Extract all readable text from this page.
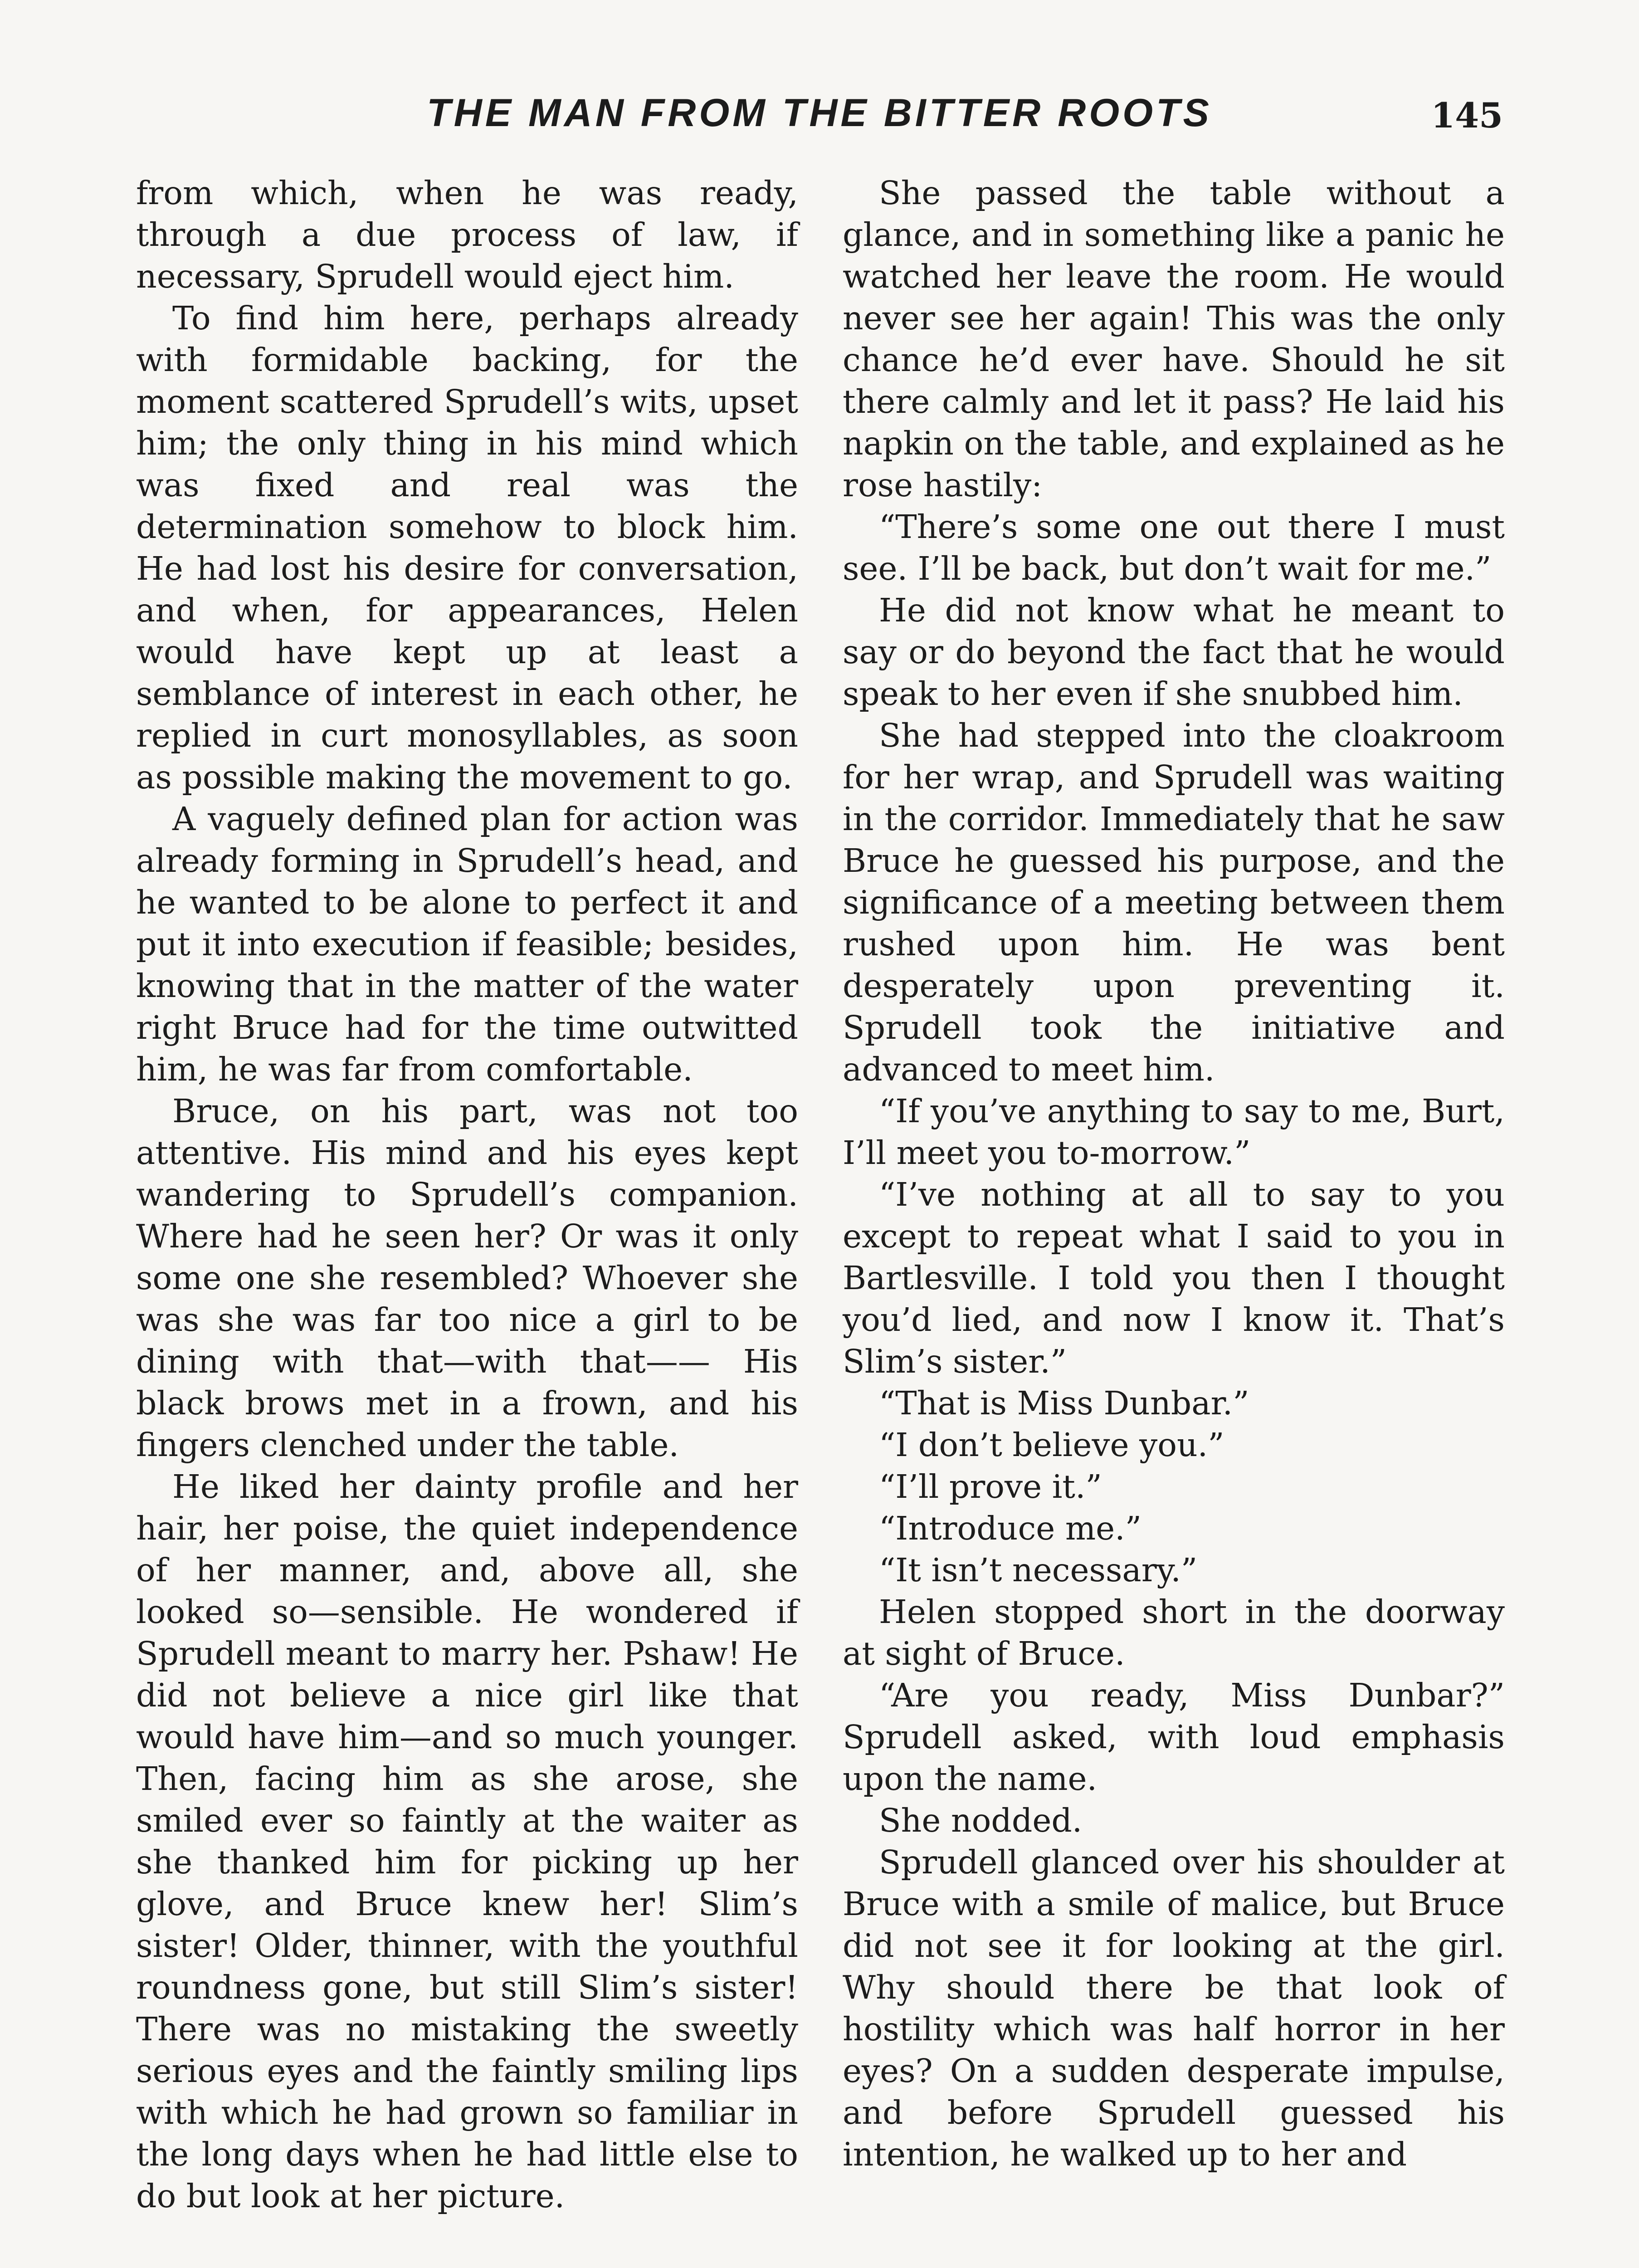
THE MAN FROM THE BITTER ROOTS	145

from which, when he was ready, through a due process of law, if necessary, Sprudell would eject him.

To find him here, perhaps already with formidable backing, for the moment scattered Sprudell’s wits, upset him; the only thing in his mind which was fixed and real was the determination somehow to block him. He had lost his desire for conversation, and when, for appearances, Helen would have kept up at least a semblance of interest in each other, he replied in curt monosyllables, as soon as possible making the movement to go.

A vaguely defined plan for action was already forming in Sprudell’s head, and he wanted to be alone to perfect it and put it into execution if feasible; besides, knowing that in the matter of the water right Bruce had for the time outwitted him, he was far from comfortable.

Bruce, on his part, was not too attentive. His mind and his eyes kept wandering to Sprudell’s companion. Where had he seen her? Or was it only some one she resembled? Whoever she was she was far too nice a girl to be dining with that—with that—— His black brows met in a frown, and his fingers clenched under the table.

He liked her dainty profile and her hair, her poise, the quiet independence of her manner, and, above all, she looked so—sensible. He wondered if Sprudell meant to marry her. Pshaw! He did not believe a nice girl like that would have him—and so much younger. Then, facing him as she arose, she smiled ever so faintly at the waiter as she thanked him for picking up her glove, and Bruce knew her! Slim’s sister! Older, thinner, with the youthful roundness gone, but still Slim’s sister! There was no mistaking the sweetly serious eyes and the faintly smiling lips with which he had grown so familiar in the long days when he had little else to do but look at her picture.

She passed the table without a glance, and in something like a panic he watched her leave the room. He would never see her again! This was the only chance he’d ever have. Should he sit there calmly and let it pass? He laid his napkin on the table, and explained as he rose hastily:

“There’s some one out there I must see. I’ll be back, but don’t wait for me.”

He did not know what he meant to say or do beyond the fact that he would speak to her even if she snubbed him.

She had stepped into the cloakroom for her wrap, and Sprudell was waiting in the corridor. Immediately that he saw Bruce he guessed his purpose, and the significance of a meeting between them rushed upon him. He was bent desperately upon preventing it. Sprudell took the initiative and advanced to meet him.

“If you’ve anything to say to me, Burt, I’ll meet you to-morrow.”

“I’ve nothing at all to say to you except to repeat what I said to you in Bartlesville. I told you then I thought you’d lied, and now I know it. That’s Slim’s sister.”

“That is Miss Dunbar.”

“I don’t believe you.”

“I’ll prove it.”

“Introduce me.”

“It isn’t necessary.”

Helen stopped short in the doorway at sight of Bruce.

“Are you ready, Miss Dunbar?” Sprudell asked, with loud emphasis upon the name.

She nodded.

Sprudell glanced over his shoulder at Bruce with a smile of malice, but Bruce did not see it for looking at the girl. Why should there be that look of hostility which was half horror in her eyes? On a sudden desperate impulse, and before Sprudell guessed his intention, he walked up to her and
